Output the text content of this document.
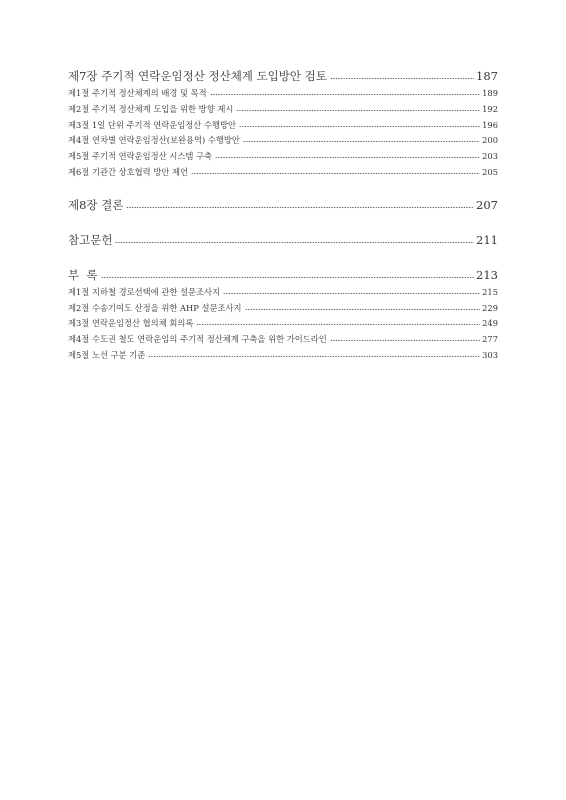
제7장 주기적 연락운임정산 정산체계 도입방안 검토	187
제1절 주기적 정산체계의 배경 및 목적	189
제2절 주기적 정산체계 도입을 위한 방향 제시	192
제3절 1일 단위 주기적 연락운임정산 수행방안	196
제4절 연차별 연락운임정산(보완용역) 수행방안	200
제5절 주기적 연락운임정산 시스템 구축	203
제6절 기관간 상호협력 방안 제언	205
제8장 결론	207
참고문헌	211
부  록	213
제1절 지하철 경로선택에 관한 설문조사지	215
제2절 수송기여도 산정을 위한 AHP 설문조사지	229
제3절 연락운임정산 협의체 회의록	249
제4절 수도권 철도 연락운임의 주기적 정산체계 구축을 위한 가이드라인	277
제5절 노선 구분 기준	303
